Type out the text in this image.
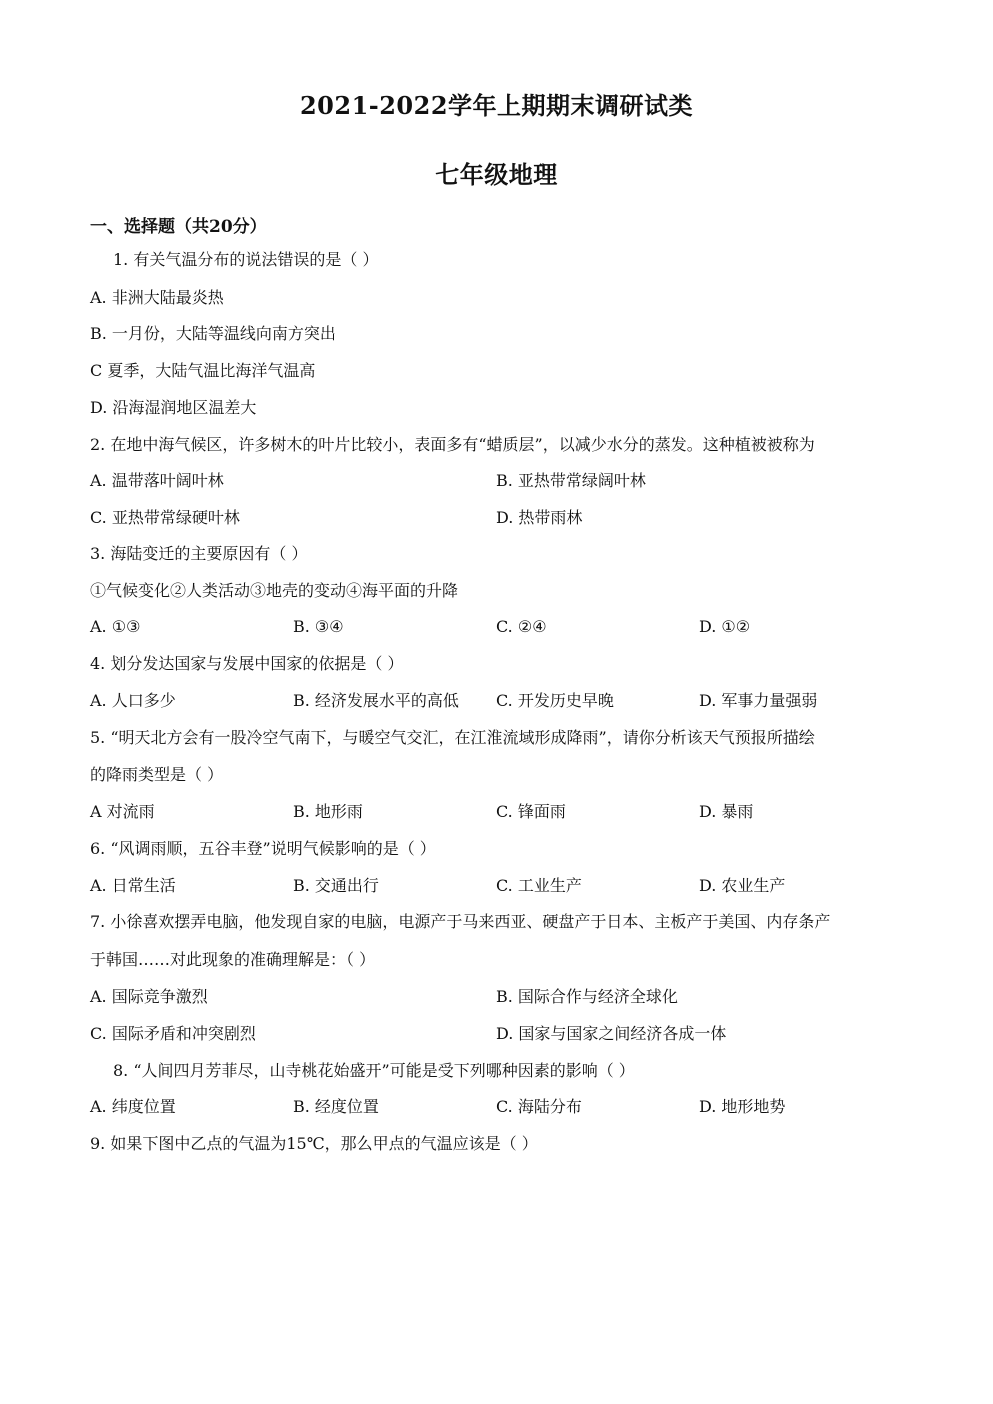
2021-2022学年上期期末调研试类
七年级地理
一、选择题（共20分）
1. 有关气温分布的说法错误的是（ ）
A. 非洲大陆最炎热
B. 一月份，大陆等温线向南方突出
C 夏季，大陆气温比海洋气温高
D. 沿海湿润地区温差大
2. 在地中海气候区，许多树木的叶片比较小，表面多有“蜡质层”，以减少水分的蒸发。这种植被被称为
A. 温带落叶阔叶林	B. 亚热带常绿阔叶林
C. 亚热带常绿硬叶林	D. 热带雨林
3. 海陆变迁的主要原因有（ ）
①气候变化②人类活动③地壳的变动④海平面的升降
A. ①③	B. ③④	C. ②④	D. ①②
4. 划分发达国家与发展中国家的依据是（ ）
A. 人口多少	B. 经济发展水平的高低 C. 开发历史早晚	D. 军事力量强弱
5. “明天北方会有一股冷空气南下，与暖空气交汇，在江淮流域形成降雨”，请你分析该天气预报所描绘
的降雨类型是（ ）
A 对流雨	B. 地形雨	C. 锋面雨	D. 暴雨
6. “风调雨顺，五谷丰登”说明气候影响的是（ ）
A. 日常生活	B. 交通出行	C. 工业生产	D. 农业生产
7. 小徐喜欢摆弄电脑，他发现自家的电脑，电源产于马来西亚、硬盘产于日本、主板产于美国、内存条产
于韩国……对此现象的准确理解是：（ ）
A. 国际竞争激烈	B. 国际合作与经济全球化
C. 国际矛盾和冲突剧烈	D. 国家与国家之间经济各成一体
8. “人间四月芳菲尽，山寺桃花始盛开”可能是受下列哪种因素的影响（ ）
A. 纬度位置	B. 经度位置	C. 海陆分布	D. 地形地势
9. 如果下图中乙点的气温为15℃，那么甲点的气温应该是（ ）
